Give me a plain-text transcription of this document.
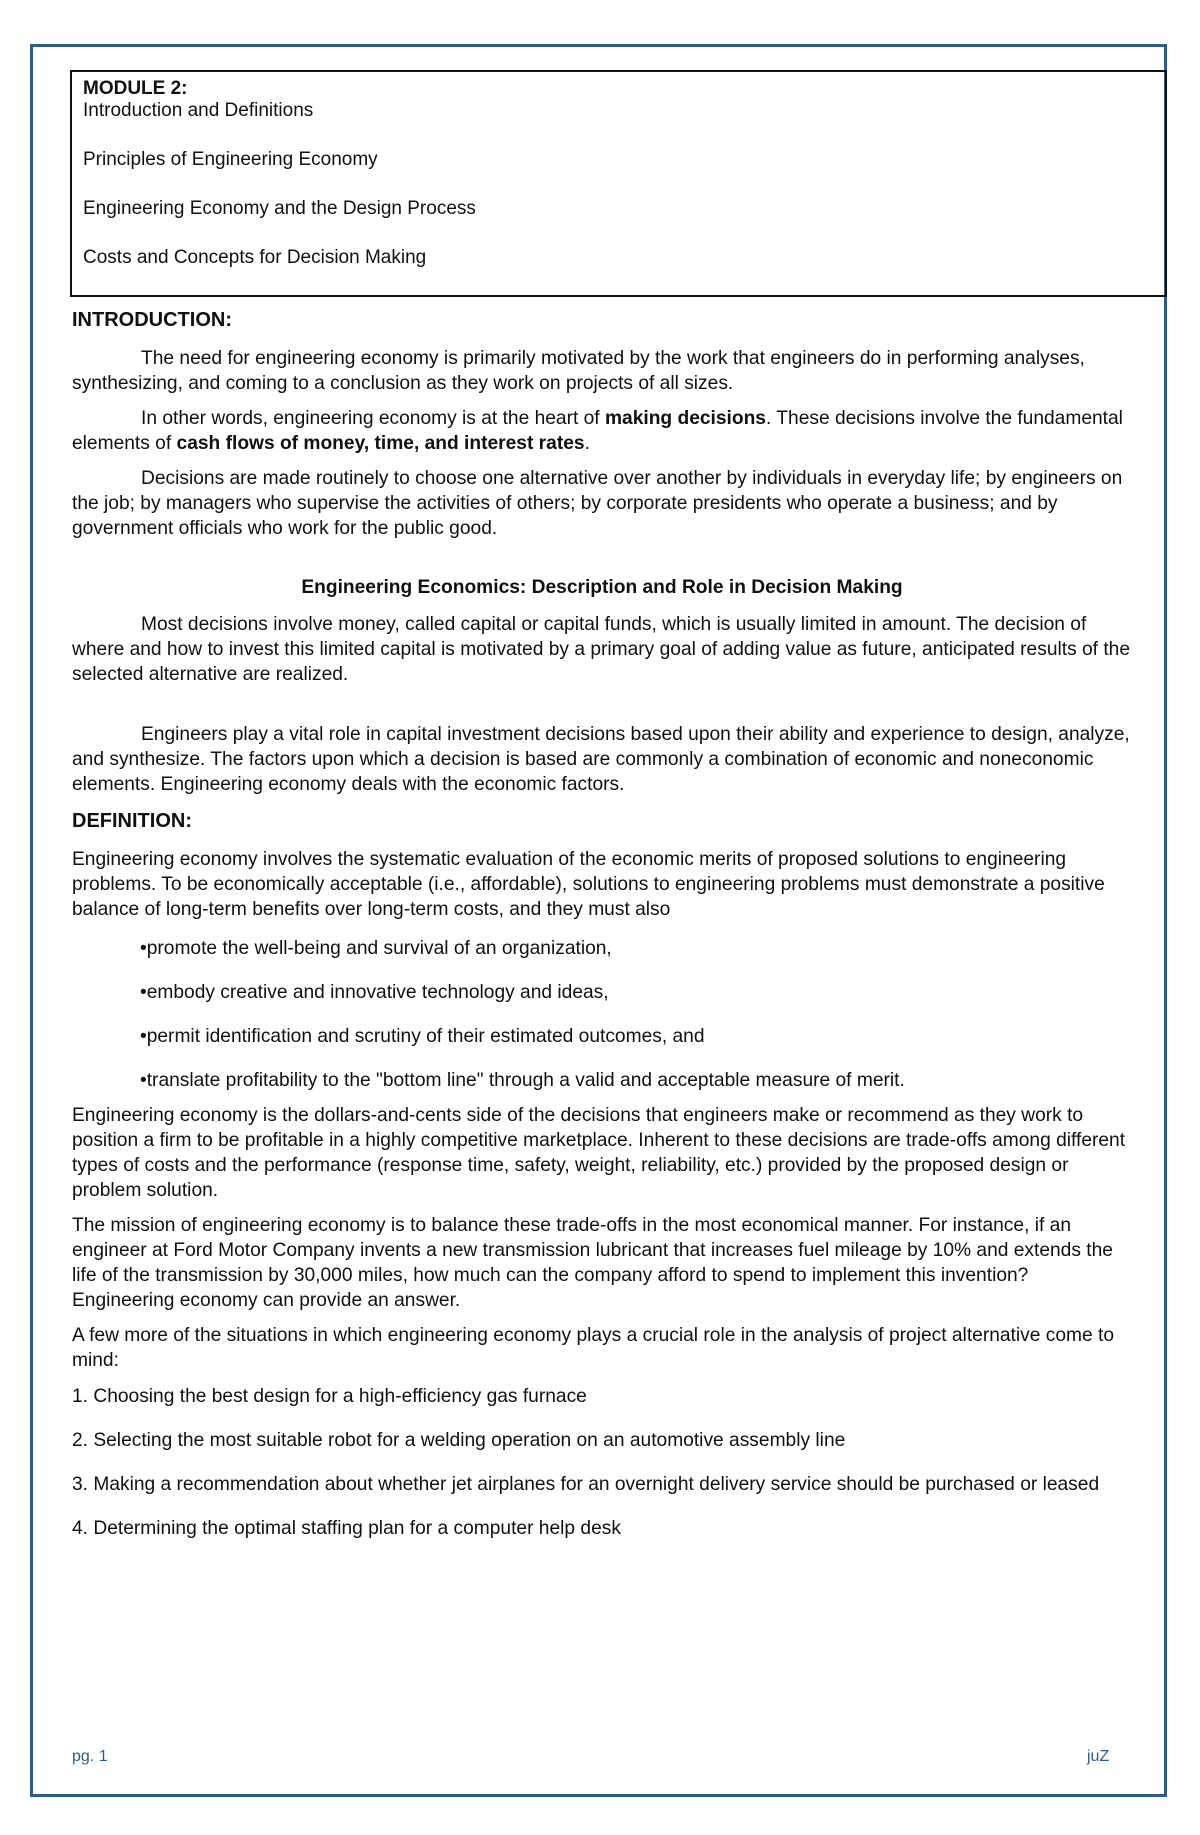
MODULE 2:
Introduction and Definitions
Principles of Engineering Economy
Engineering Economy and the Design Process
Costs and Concepts for Decision Making
INTRODUCTION:

The need for engineering economy is primarily motivated by the work that engineers do in performing analyses, synthesizing, and coming to a conclusion as they work on projects of all sizes.

In other words, engineering economy is at the heart of making decisions. These decisions involve the fundamental elements of cash flows of money, time, and interest rates.

Decisions are made routinely to choose one alternative over another by individuals in everyday life; by engineers on the job; by managers who supervise the activities of others; by corporate presidents who operate a business; and by government officials who work for the public good.

Engineering Economics: Description and Role in Decision Making

Most decisions involve money, called capital or capital funds, which is usually limited in amount. The decision of where and how to invest this limited capital is motivated by a primary goal of adding value as future, anticipated results of the selected alternative are realized.

Engineers play a vital role in capital investment decisions based upon their ability and experience to design, analyze, and synthesize. The factors upon which a decision is based are commonly a combination of economic and noneconomic elements. Engineering economy deals with the economic factors.

DEFINITION:

Engineering economy involves the systematic evaluation of the economic merits of proposed solutions to engineering problems. To be economically acceptable (i.e., affordable), solutions to engineering problems must demonstrate a positive balance of long-term benefits over long-term costs, and they must also

• promote the well-being and survival of an organization,
• embody creative and innovative technology and ideas,
• permit identification and scrutiny of their estimated outcomes, and
• translate profitability to the "bottom line" through a valid and acceptable measure of merit.

Engineering economy is the dollars-and-cents side of the decisions that engineers make or recommend as they work to position a firm to be profitable in a highly competitive marketplace. Inherent to these decisions are trade-offs among different types of costs and the performance (response time, safety, weight, reliability, etc.) provided by the proposed design or problem solution.

The mission of engineering economy is to balance these trade-offs in the most economical manner. For instance, if an engineer at Ford Motor Company invents a new transmission lubricant that increases fuel mileage by 10% and extends the life of the transmission by 30,000 miles, how much can the company afford to spend to implement this invention? Engineering economy can provide an answer.

A few more of the situations in which engineering economy plays a crucial role in the analysis of project alternative come to mind:

1. Choosing the best design for a high-efficiency gas furnace
2. Selecting the most suitable robot for a welding operation on an automotive assembly line
3. Making a recommendation about whether jet airplanes for an overnight delivery service should be purchased or leased
4. Determining the optimal staffing plan for a computer help desk
pg. 1	juZ
